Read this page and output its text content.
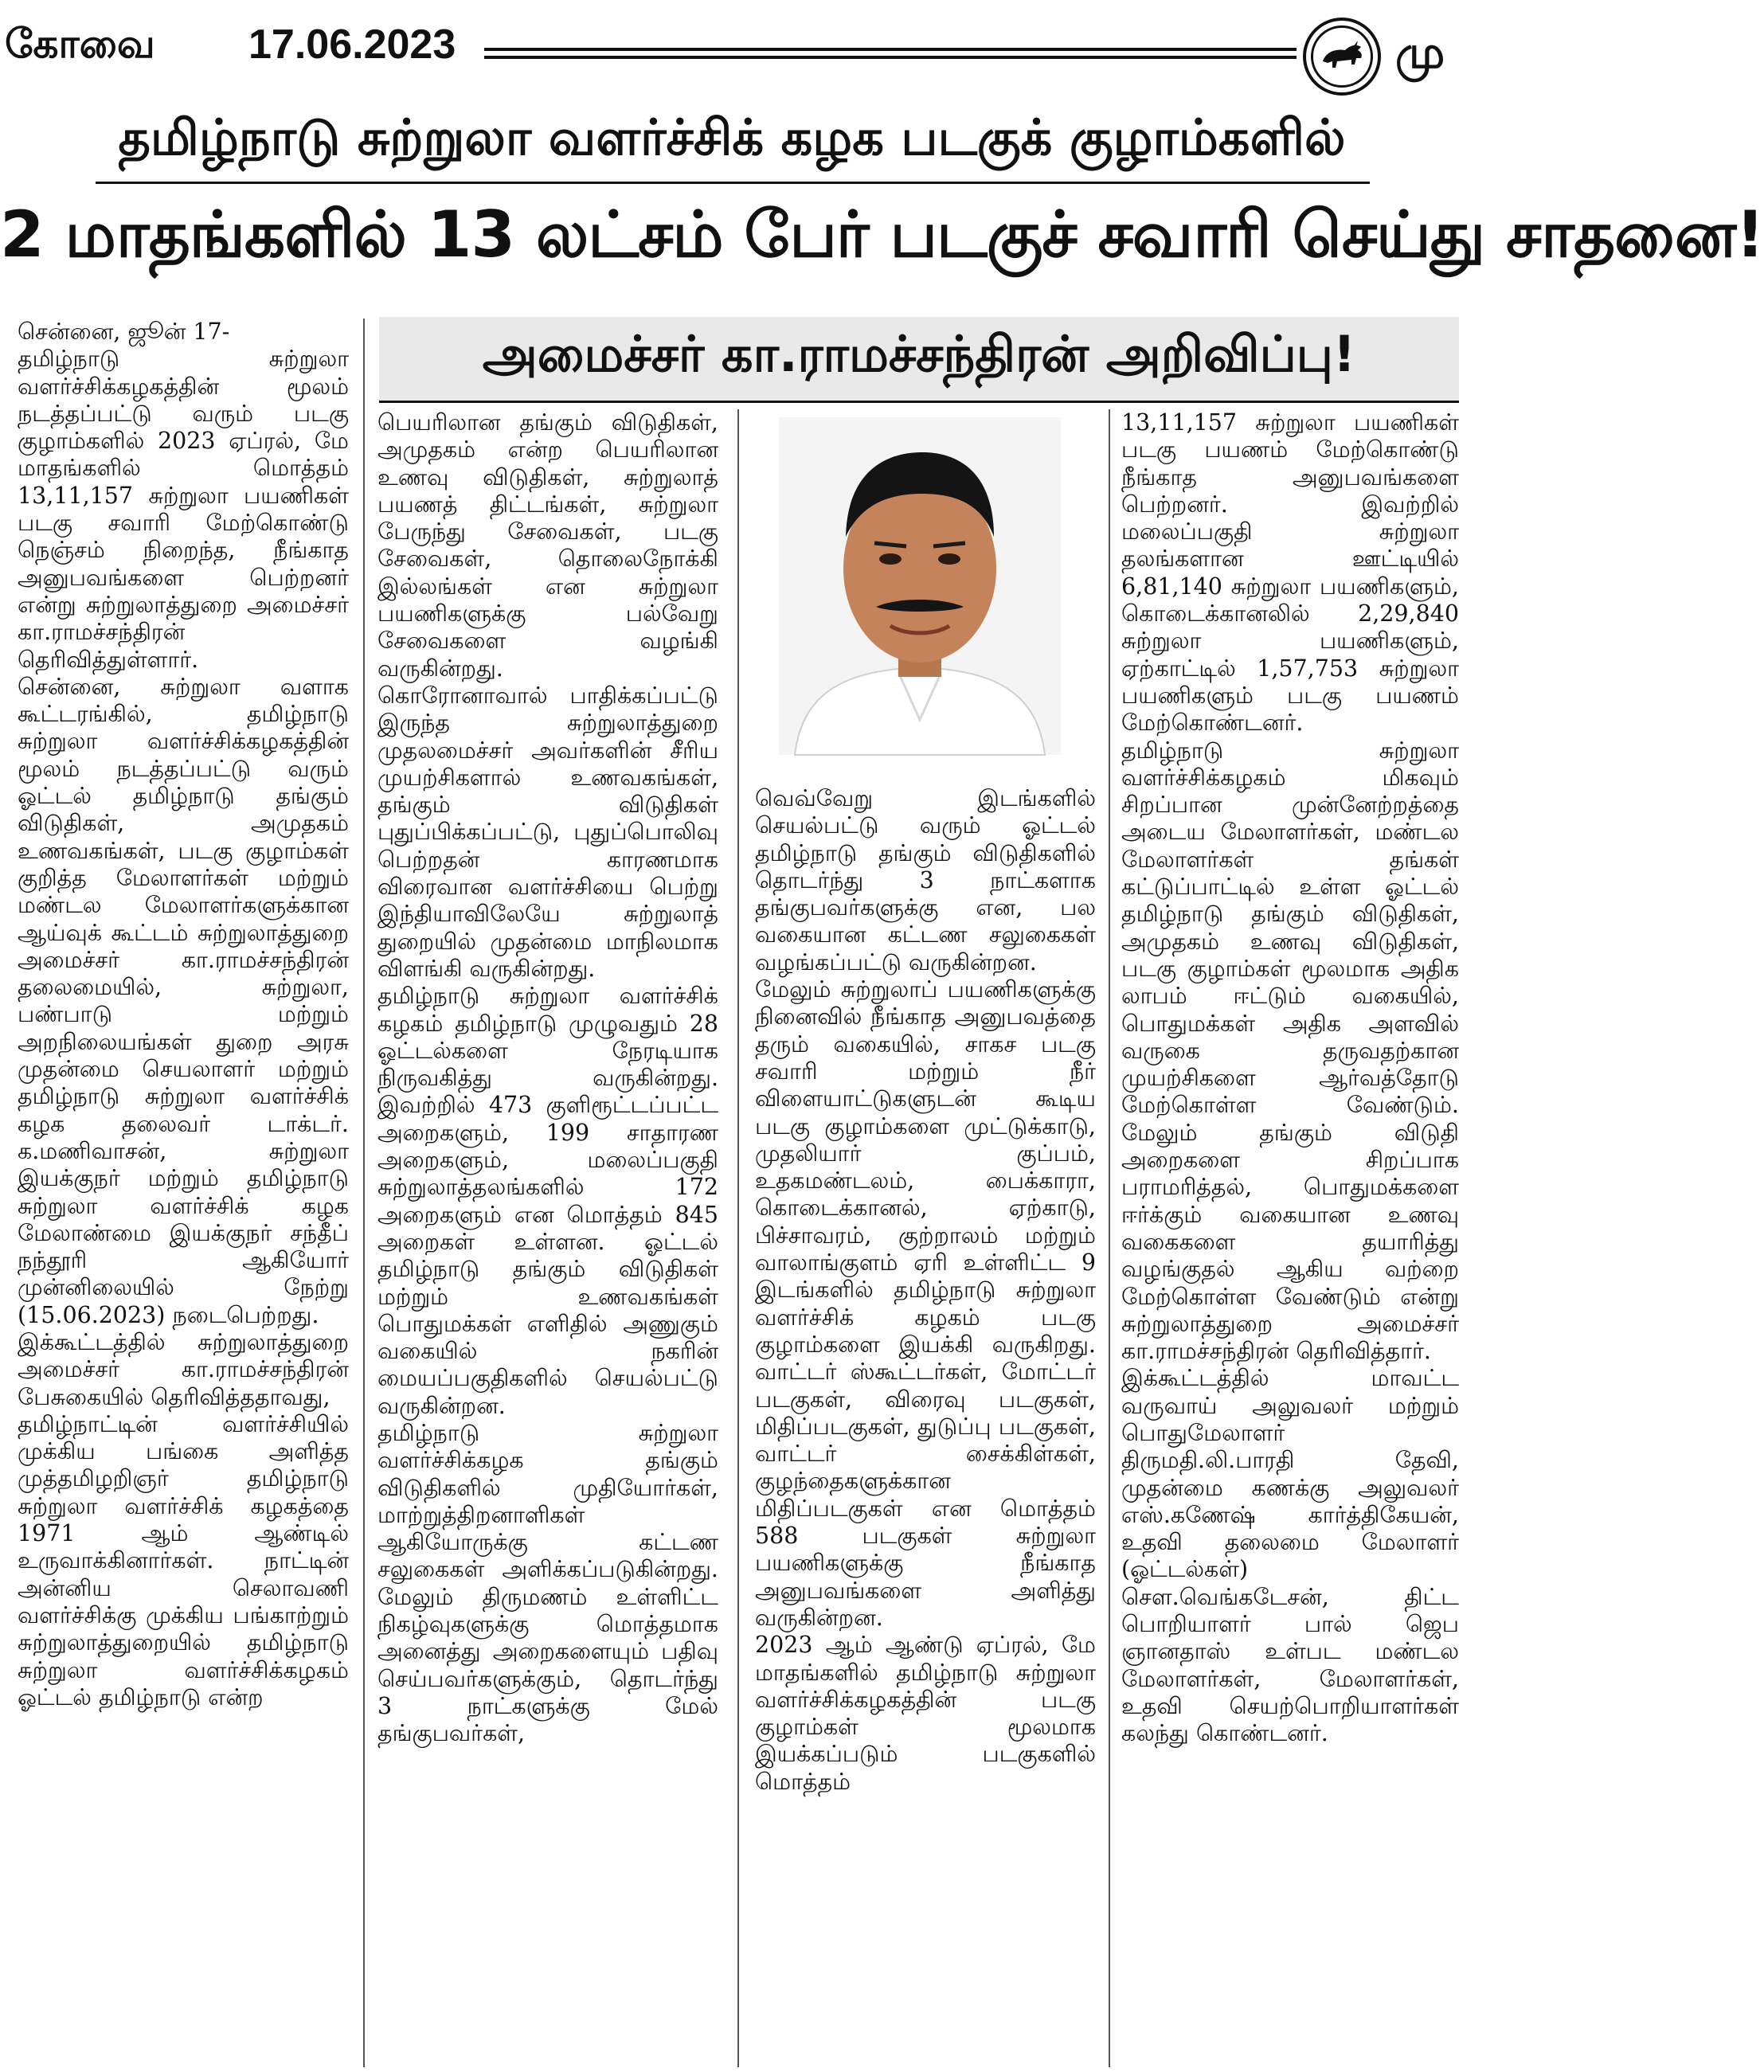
கோவை 17.06.2023	மு
தமிழ்நாடு சுற்றுலா வளர்ச்சிக் கழக படகுக் குழாம்களில்
2 மாதங்களில் 13 லட்சம் பேர் படகுச் சவாரி செய்து சாதனை!
அமைச்சர் கா.ராமச்சந்திரன் அறிவிப்பு!
சென்னை, ஜூன் 17-
தமிழ்நாடு சுற்றுலா வளர்ச்சிக்கழகத்தின் மூலம் நடத்தப்பட்டு வரும் படகு குழாம்களில் 2023 ஏப்ரல், மே மாதங்களில் மொத்தம் 13,11,157 சுற்றுலா பயணிகள் படகு சவாரி மேற்கொண்டு நெஞ்சம் நிறைந்த, நீங்காத அனுபவங்களை பெற்றனர் என்று சுற்றுலாத்துறை அமைச்சர் கா.ராமச்சந்திரன் தெரிவித்துள்ளார்.
சென்னை, சுற்றுலா வளாக கூட்டரங்கில், தமிழ்நாடு சுற்றுலா வளர்ச்சிக்கழகத்தின் மூலம் நடத்தப்பட்டு வரும் ஓட்டல் தமிழ்நாடு தங்கும் விடுதிகள், அமுதகம் உணவகங்கள், படகு குழாம்கள் குறித்த மேலாளர்கள் மற்றும் மண்டல மேலாளர்களுக்கான ஆய்வுக் கூட்டம் சுற்றுலாத்துறை அமைச்சர் கா.ராமச்சந்திரன் தலைமையில், சுற்றுலா, பண்பாடு மற்றும் அறநிலையங்கள் துறை அரசு முதன்மை செயலாளர் மற்றும் தமிழ்நாடு சுற்றுலா வளர்ச்சிக் கழக தலைவர் டாக்டர். க.மணிவாசன், சுற்றுலா இயக்குநர் மற்றும் தமிழ்நாடு சுற்றுலா வளர்ச்சிக் கழக மேலாண்மை இயக்குநர் சந்தீப் நந்தூரி ஆகியோர் முன்னிலையில் நேற்று (15.06.2023) நடைபெற்றது.
இக்கூட்டத்தில் சுற்றுலாத்துறை அமைச்சர் கா.ராமச்சந்திரன் பேசுகையில் தெரிவித்ததாவது,
தமிழ்நாட்டின் வளர்ச்சியில் முக்கிய பங்கை அளித்த முத்தமிழறிஞர் தமிழ்நாடு சுற்றுலா வளர்ச்சிக் கழகத்தை 1971 ஆம் ஆண்டில் உருவாக்கினார்கள். நாட்டின் அன்னிய செலாவணி வளர்ச்சிக்கு முக்கிய பங்காற்றும் சுற்றுலாத்துறையில் தமிழ்நாடு சுற்றுலா வளர்ச்சிக்கழகம் ஓட்டல் தமிழ்நாடு என்ற
பெயரிலான தங்கும் விடுதிகள், அமுதகம் என்ற பெயரிலான உணவு விடுதிகள், சுற்றுலாத் பயணத் திட்டங்கள், சுற்றுலா பேருந்து சேவைகள், படகு சேவைகள், தொலைநோக்கி இல்லங்கள் என சுற்றுலா பயணிகளுக்கு பல்வேறு சேவைகளை வழங்கி வருகின்றது.
கொரோனாவால் பாதிக்கப்பட்டு இருந்த சுற்றுலாத்துறை முதலமைச்சர் அவர்களின் சீரிய முயற்சிகளால் உணவகங்கள், தங்கும் விடுதிகள் புதுப்பிக்கப்பட்டு, புதுப்பொலிவு பெற்றதன் காரணமாக விரைவான வளர்ச்சியை பெற்று இந்தியாவிலேயே சுற்றுலாத் துறையில் முதன்மை மாநிலமாக விளங்கி வருகின்றது.
தமிழ்நாடு சுற்றுலா வளர்ச்சிக் கழகம் தமிழ்நாடு முழுவதும் 28 ஓட்டல்களை நேரடியாக நிருவகித்து வருகின்றது. இவற்றில் 473 குளிரூட்டப்பட்ட அறைகளும், 199 சாதாரண அறைகளும், மலைப்பகுதி சுற்றுலாத்தலங்களில் 172 அறைகளும் என மொத்தம் 845 அறைகள் உள்ளன. ஓட்டல் தமிழ்நாடு தங்கும் விடுதிகள் மற்றும் உணவகங்கள் பொதுமக்கள் எளிதில் அணுகும் வகையில் நகரின் மையப்பகுதிகளில் செயல்பட்டு வருகின்றன.
தமிழ்நாடு சுற்றுலா வளர்ச்சிக்கழக தங்கும் விடுதிகளில் முதியோர்கள், மாற்றுத்திறனாளிகள் ஆகியோருக்கு கட்டண சலுகைகள் அளிக்கப்படுகின்றது. மேலும் திருமணம் உள்ளிட்ட நிகழ்வுகளுக்கு மொத்தமாக அனைத்து அறைகளையும் பதிவு செய்பவர்களுக்கும், தொடர்ந்து 3 நாட்களுக்கு மேல் தங்குபவர்கள்,
வெவ்வேறு இடங்களில் செயல்பட்டு வரும் ஓட்டல் தமிழ்நாடு தங்கும் விடுதிகளில் தொடர்ந்து 3 நாட்களாக தங்குபவர்களுக்கு என, பல வகையான கட்டண சலுகைகள் வழங்கப்பட்டு வருகின்றன.
மேலும் சுற்றுலாப் பயணிகளுக்கு நினைவில் நீங்காத அனுபவத்தை தரும் வகையில், சாகச படகு சவாரி மற்றும் நீர் விளையாட்டுகளுடன் கூடிய படகு குழாம்களை முட்டுக்காடு, முதலியார் குப்பம், உதகமண்டலம், பைக்காரா, கொடைக்கானல், ஏற்காடு, பிச்சாவரம், குற்றாலம் மற்றும் வாலாங்குளம் ஏரி உள்ளிட்ட 9 இடங்களில் தமிழ்நாடு சுற்றுலா வளர்ச்சிக் கழகம் படகு குழாம்களை இயக்கி வருகிறது. வாட்டர் ஸ்கூட்டர்கள், மோட்டர் படகுகள், விரைவு படகுகள், மிதிப்படகுகள், துடுப்பு படகுகள், வாட்டர் சைக்கிள்கள், குழந்தைகளுக்கான மிதிப்படகுகள் என மொத்தம் 588 படகுகள் சுற்றுலா பயணிகளுக்கு நீங்காத அனுபவங்களை அளித்து வருகின்றன.
2023 ஆம் ஆண்டு ஏப்ரல், மே மாதங்களில் தமிழ்நாடு சுற்றுலா வளர்ச்சிக்கழகத்தின் படகு குழாம்கள் மூலமாக இயக்கப்படும் படகுகளில் மொத்தம்
13,11,157 சுற்றுலா பயணிகள் படகு பயணம் மேற்கொண்டு நீங்காத அனுபவங்களை பெற்றனர். இவற்றில் மலைப்பகுதி சுற்றுலா தலங்களான ஊட்டியில் 6,81,140 சுற்றுலா பயணிகளும், கொடைக்கானலில் 2,29,840 சுற்றுலா பயணிகளும், ஏற்காட்டில் 1,57,753 சுற்றுலா பயணிகளும் படகு பயணம் மேற்கொண்டனர்.
தமிழ்நாடு சுற்றுலா வளர்ச்சிக்கழகம் மிகவும் சிறப்பான முன்னேற்றத்தை அடைய மேலாளர்கள், மண்டல மேலாளர்கள் தங்கள் கட்டுப்பாட்டில் உள்ள ஓட்டல் தமிழ்நாடு தங்கும் விடுதிகள், அமுதகம் உணவு விடுதிகள், படகு குழாம்கள் மூலமாக அதிக லாபம் ஈட்டும் வகையில், பொதுமக்கள் அதிக அளவில் வருகை தருவதற்கான முயற்சிகளை ஆர்வத்தோடு மேற்கொள்ள வேண்டும். மேலும் தங்கும் விடுதி அறைகளை சிறப்பாக பராமரித்தல், பொதுமக்களை ஈர்க்கும் வகையான உணவு வகைகளை தயாரித்து வழங்குதல் ஆகிய வற்றை மேற்கொள்ள வேண்டும் என்று சுற்றுலாத்துறை அமைச்சர் கா.ராமச்சந்திரன் தெரிவித்தார்.
இக்கூட்டத்தில் மாவட்ட வருவாய் அலுவலர் மற்றும் பொதுமேலாளர் திருமதி.லி.பாரதி தேவி, முதன்மை கணக்கு அலுவலர் எஸ்.கணேஷ் கார்த்திகேயன், உதவி தலைமை மேலாளர் (ஓட்டல்கள்) சௌ.வெங்கடேசன், திட்ட பொறியாளர் பால் ஜெப ஞானதாஸ் உள்பட மண்டல மேலாளர்கள், மேலாளர்கள், உதவி செயற்பொறியாளர்கள் கலந்து கொண்டனர்.
